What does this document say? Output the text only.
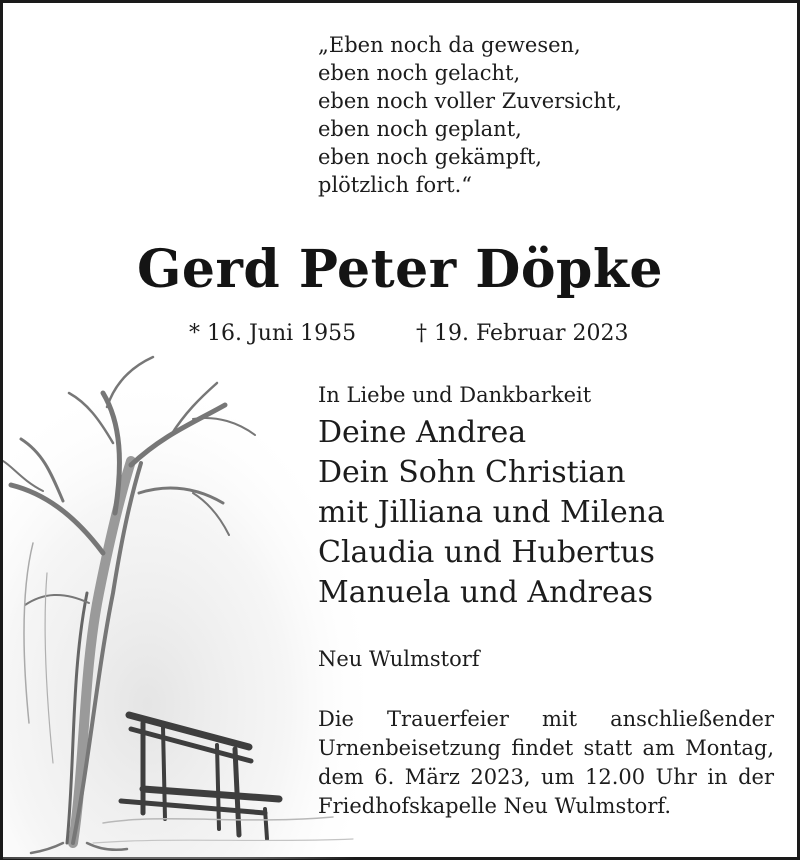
„Eben noch da gewesen,
eben noch gelacht,
eben noch voller Zuversicht,
eben noch geplant,
eben noch gekämpft,
plötzlich fort.“
Gerd Peter Döpke
* 16. Juni 1955	† 19. Februar 2023
In Liebe und Dankbarkeit
Deine Andrea
Dein Sohn Christian
mit Jilliana und Milena
Claudia und Hubertus
Manuela und Andreas
Neu Wulmstorf
Die Trauerfeier mit anschließender Urnenbeisetzung findet statt am Montag, dem 6. März 2023, um 12.00 Uhr in der Friedhofskapelle Neu Wulmstorf.
